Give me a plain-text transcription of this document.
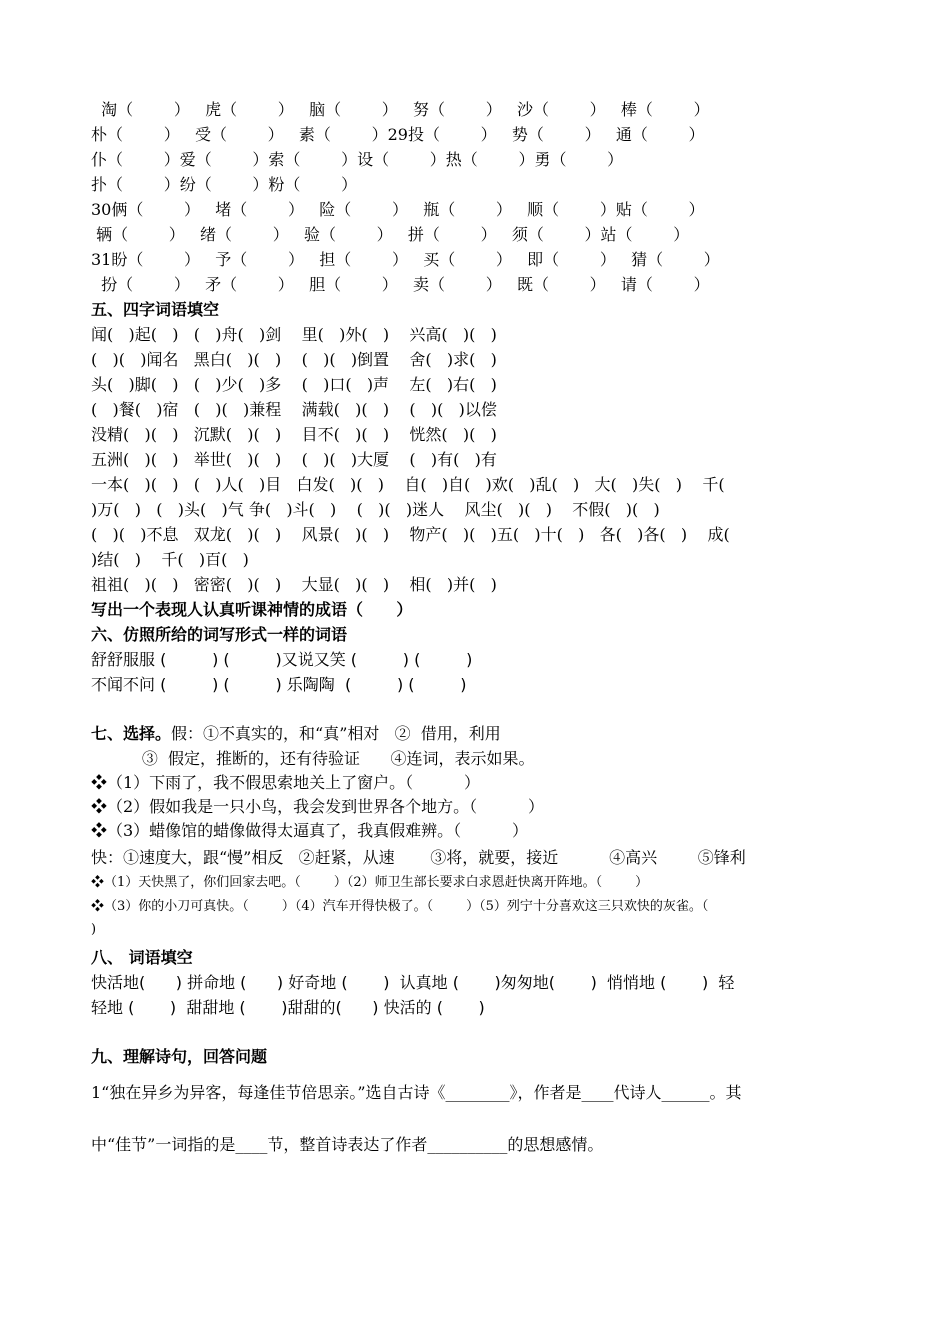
淘（        ）   虎（        ）   脑（        ）   努（        ）   沙（        ）   棒（        ）
朴（        ）   受（        ）   素（        ）29投（        ）   势（        ）   通（        ）
仆（        ）爱（        ）索（        ）设（        ）热（        ）勇（        ）
扑（        ）纷（        ）粉（        ）
30俩（        ）   堵（        ）   险（        ）   瓶（        ）   顺（        ）贴（        ）
辆（        ）   绪（        ）   验（        ）   拼（        ）   须（        ）站（        ）
31盼（        ）   予（        ）   担（        ）   买（        ）   即（        ）   猜（        ）
扮（        ）   矛（        ）   胆（        ）   卖（        ）   既（        ）   请（        ）
五、四字词语填空
闻(   )起(   )   (   )舟(   )剑    里(   )外(   )    兴高(   )(   )
(   )(   )闻名   黑白(   )(   )    (   )(   )倒置    舍(   )求(   )
头(   )脚(   )   (   )少(   )多    (   )口(   )声    左(   )右(   )
(   )餐(   )宿   (   )(   )兼程    满载(   )(   )    (   )(   )以偿
没精(   )(   )   沉默(   )(   )    目不(   )(   )    恍然(   )(   )
五洲(   )(   )   举世(   )(   )    (   )(   )大厦    (   )有(   )有
一本(   )(   )   (   )人(   )目   白发(   )(   )    自(   )自(   )欢(   )乱(   )   大(   )失(   )    千(
)万(   )   (   )头(   )气 争(   )斗(   )    (   )(   )迷人    风尘(   )(   )    不假(   )(   )
(   )(   )不息   双龙(   )(   )    风景(   )(   )    物产(   )(   )五(   )十(   )   各(   )各(   )    成(
)结(   )    千(   )百(   )
祖祖(   )(   )   密密(   )(   )    大显(   )(   )    相(   )并(   )
写出一个表现人认真听课神情的成语（      ）
六、仿照所给的词写形式一样的词语
舒舒服服 (         ) (         )又说又笑 (         ) (         )
不闻不问 (         ) (         ) 乐陶陶  (         ) (         )
七、选择。假：①不真实的，和“真”相对   ②  借用，利用
③  假定，推断的，还有待验证      ④连词，表示如果。
❖（1）下雨了，我不假思索地关上了窗户。（          ）
❖（2）假如我是一只小鸟，我会发到世界各个地方。（          ）
❖（3）蜡像馆的蜡像做得太逼真了，我真假难辨。（          ）
快：①速度大，跟“慢”相反   ②赶紧，从速       ③将，就要，接近          ④高兴        ⑤锋利
❖（1）天快黑了，你们回家去吧。（        ）（2）师卫生部长要求白求恩赶快离开阵地。（        ）
❖（3）你的小刀可真快。（        ）（4）汽车开得快极了。（        ）（5）列宁十分喜欢这三只欢快的灰雀。（
)
八、 词语填空
快活地(      ) 拼命地 (      ) 好奇地 (       )  认真地 (       )匆匆地(       )  悄悄地 (       )  轻
轻地 (       )  甜甜地 (       )甜甜的(      ) 快活的 (       )
九、理解诗句，回答问题
1“独在异乡为异客，每逢佳节倍思亲。”选自古诗《________》，作者是____代诗人______。其
中“佳节”一词指的是____节，整首诗表达了作者__________的思想感情。
